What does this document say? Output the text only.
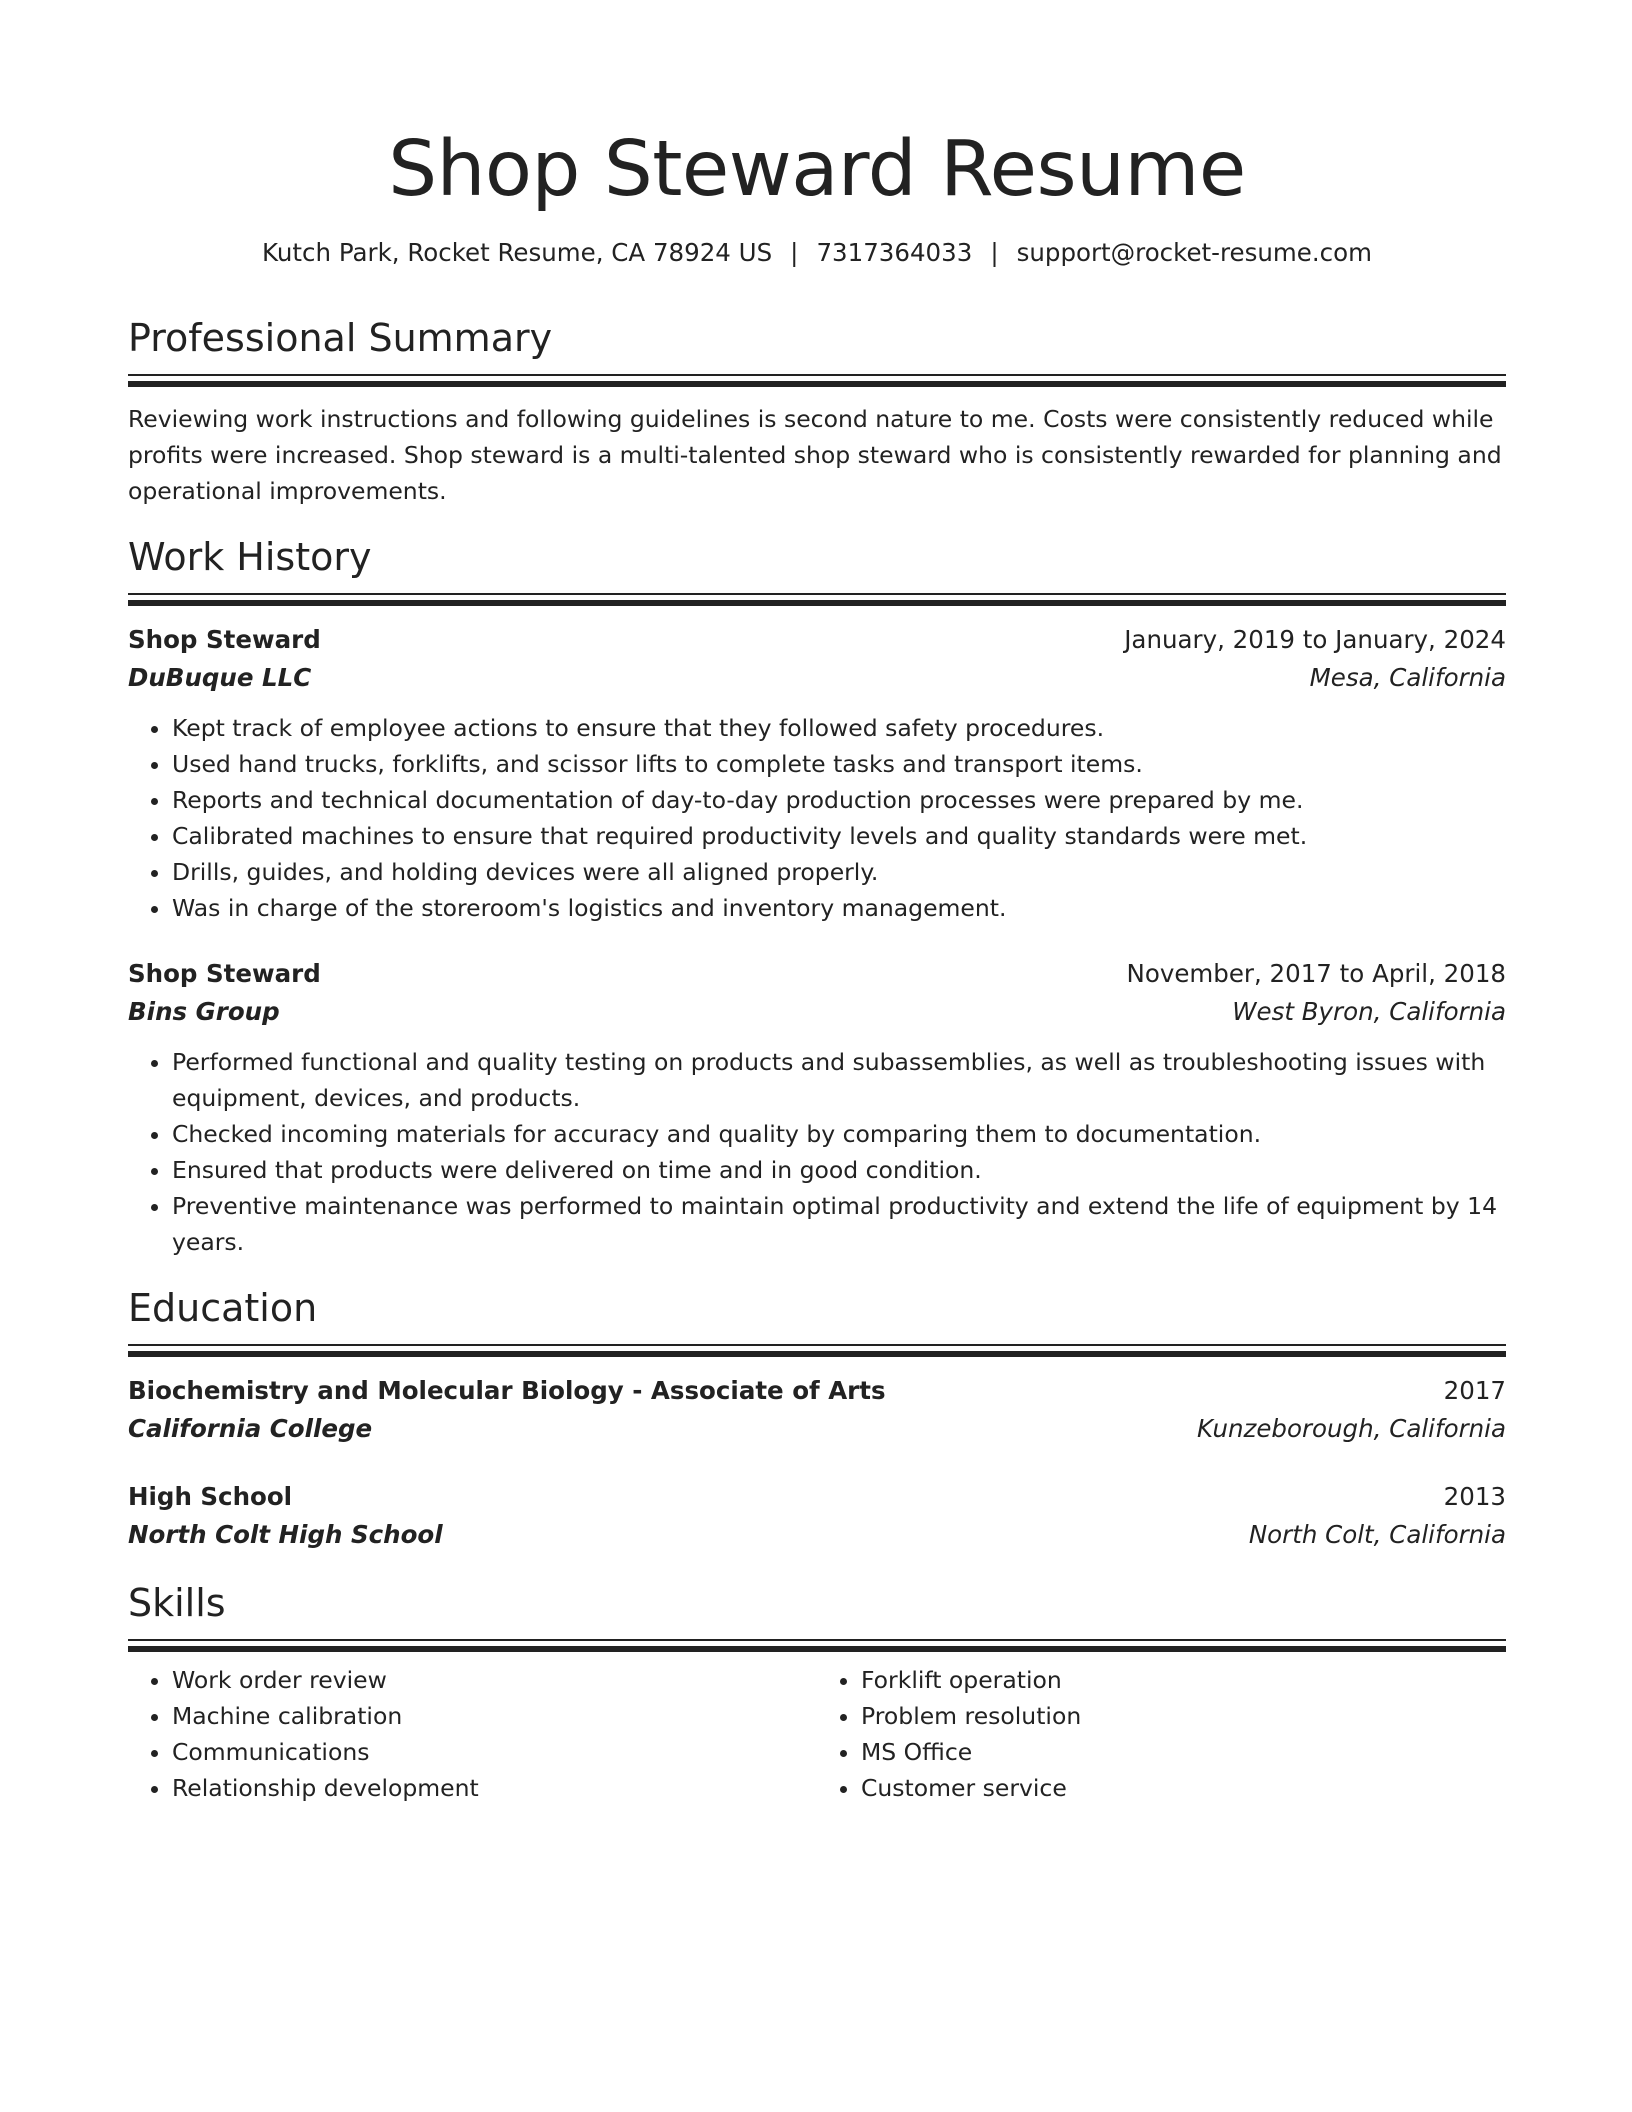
Shop Steward Resume
Kutch Park, Rocket Resume, CA 78924 US | 7317364033 | support@rocket-resume.com
Professional Summary
Reviewing work instructions and following guidelines is second nature to me. Costs were consistently reduced while profits were increased. Shop steward is a multi-talented shop steward who is consistently rewarded for planning and operational improvements.
Work History
Shop Steward	January, 2019 to January, 2024
DuBuque LLC	Mesa, California
• Kept track of employee actions to ensure that they followed safety procedures.
• Used hand trucks, forklifts, and scissor lifts to complete tasks and transport items.
• Reports and technical documentation of day-to-day production processes were prepared by me.
• Calibrated machines to ensure that required productivity levels and quality standards were met.
• Drills, guides, and holding devices were all aligned properly.
• Was in charge of the storeroom's logistics and inventory management.
Shop Steward	November, 2017 to April, 2018
Bins Group	West Byron, California
• Performed functional and quality testing on products and subassemblies, as well as troubleshooting issues with equipment, devices, and products.
• Checked incoming materials for accuracy and quality by comparing them to documentation.
• Ensured that products were delivered on time and in good condition.
• Preventive maintenance was performed to maintain optimal productivity and extend the life of equipment by 14 years.
Education
Biochemistry and Molecular Biology - Associate of Arts	2017
California College	Kunzeborough, California
High School	2013
North Colt High School	North Colt, California
Skills
• Work order review
• Machine calibration
• Communications
• Relationship development
• Forklift operation
• Problem resolution
• MS Office
• Customer service
